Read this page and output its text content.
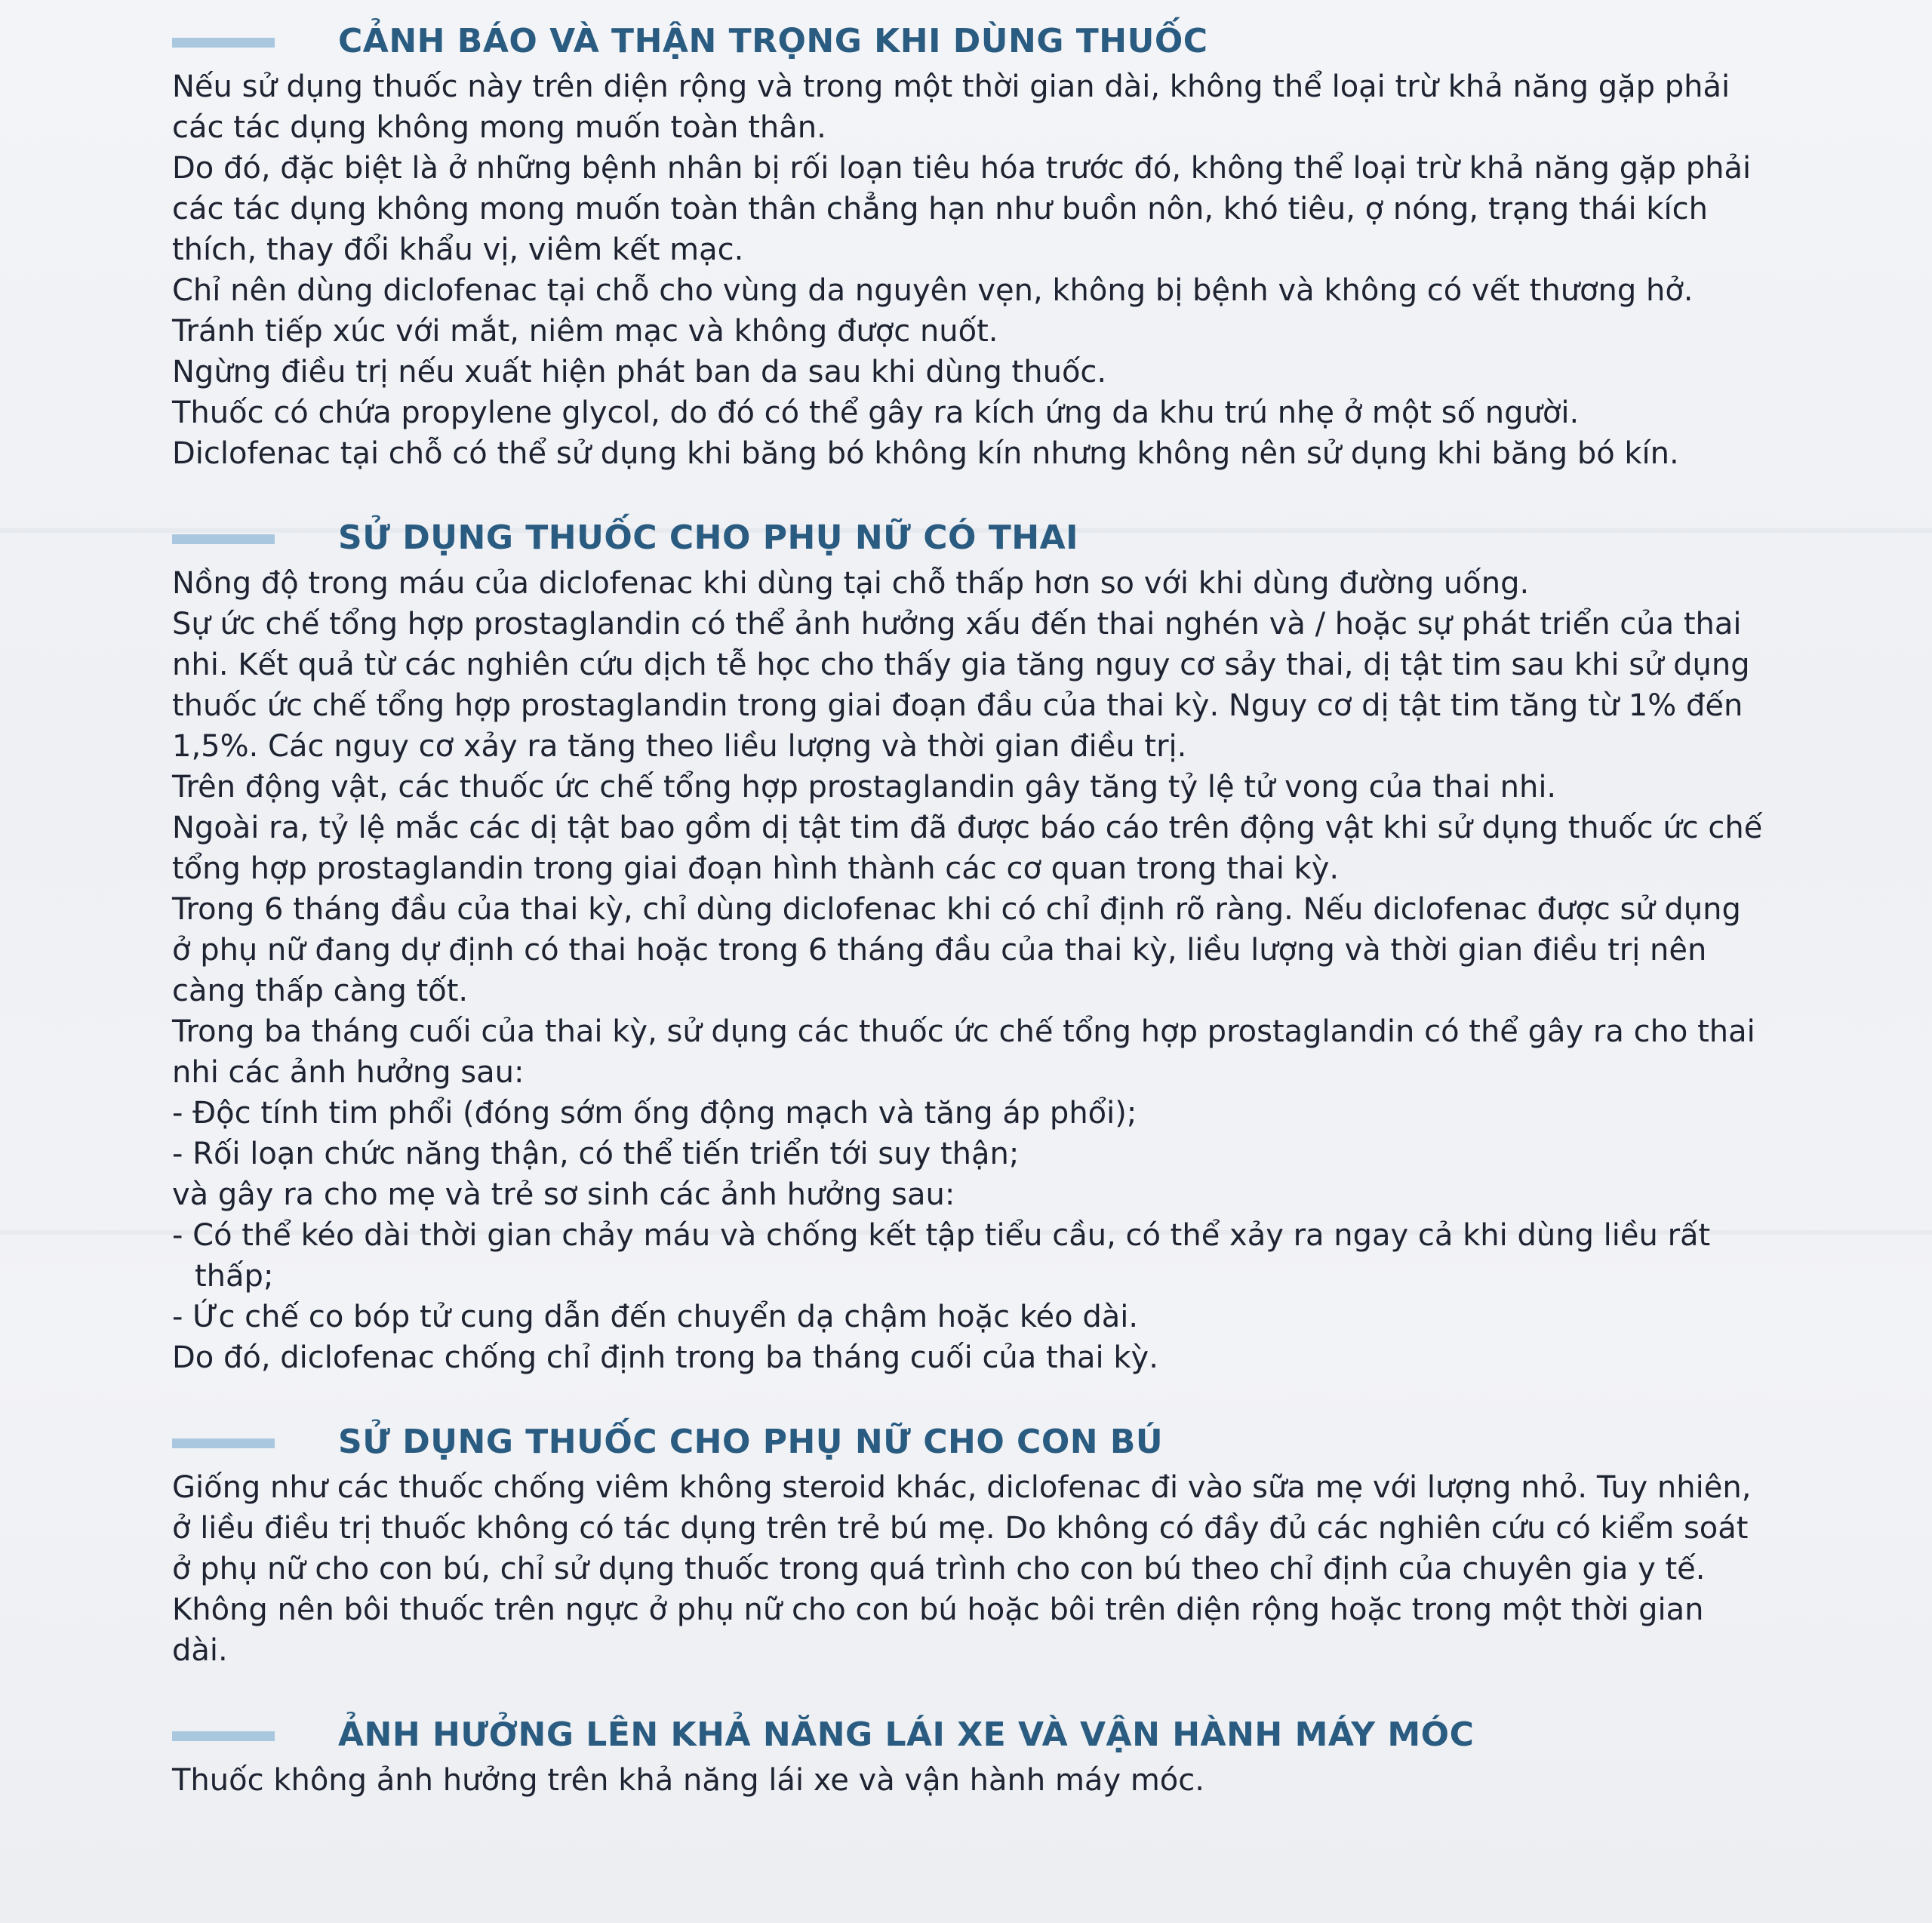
CẢNH BÁO VÀ THẬN TRỌNG KHI DÙNG THUỐC

Nếu sử dụng thuốc này trên diện rộng và trong một thời gian dài, không thể loại trừ khả năng gặp phải các tác dụng không mong muốn toàn thân.

Do đó, đặc biệt là ở những bệnh nhân bị rối loạn tiêu hóa trước đó, không thể loại trừ khả năng gặp phải các tác dụng không mong muốn toàn thân chẳng hạn như buồn nôn, khó tiêu, ợ nóng, trạng thái kích thích, thay đổi khẩu vị, viêm kết mạc.

Chỉ nên dùng diclofenac tại chỗ cho vùng da nguyên vẹn, không bị bệnh và không có vết thương hở. Tránh tiếp xúc với mắt, niêm mạc và không được nuốt.

Ngừng điều trị nếu xuất hiện phát ban da sau khi dùng thuốc.

Thuốc có chứa propylene glycol, do đó có thể gây ra kích ứng da khu trú nhẹ ở một số người.

Diclofenac tại chỗ có thể sử dụng khi băng bó không kín nhưng không nên sử dụng khi băng bó kín.

SỬ DỤNG THUỐC CHO PHỤ NỮ CÓ THAI

Nồng độ trong máu của diclofenac khi dùng tại chỗ thấp hơn so với khi dùng đường uống.

Sự ức chế tổng hợp prostaglandin có thể ảnh hưởng xấu đến thai nghén và / hoặc sự phát triển của thai nhi. Kết quả từ các nghiên cứu dịch tễ học cho thấy gia tăng nguy cơ sảy thai, dị tật tim sau khi sử dụng thuốc ức chế tổng hợp prostaglandin trong giai đoạn đầu của thai kỳ. Nguy cơ dị tật tim tăng từ 1% đến 1,5%. Các nguy cơ xảy ra tăng theo liều lượng và thời gian điều trị.

Trên động vật, các thuốc ức chế tổng hợp prostaglandin gây tăng tỷ lệ tử vong của thai nhi.

Ngoài ra, tỷ lệ mắc các dị tật bao gồm dị tật tim đã được báo cáo trên động vật khi sử dụng thuốc ức chế tổng hợp prostaglandin trong giai đoạn hình thành các cơ quan trong thai kỳ.

Trong 6 tháng đầu của thai kỳ, chỉ dùng diclofenac khi có chỉ định rõ ràng. Nếu diclofenac được sử dụng ở phụ nữ đang dự định có thai hoặc trong 6 tháng đầu của thai kỳ, liều lượng và thời gian điều trị nên càng thấp càng tốt.

Trong ba tháng cuối của thai kỳ, sử dụng các thuốc ức chế tổng hợp prostaglandin có thể gây ra cho thai nhi các ảnh hưởng sau:

- Độc tính tim phổi (đóng sớm ống động mạch và tăng áp phổi);

- Rối loạn chức năng thận, có thể tiến triển tới suy thận;

và gây ra cho mẹ và trẻ sơ sinh các ảnh hưởng sau:

- Có thể kéo dài thời gian chảy máu và chống kết tập tiểu cầu, có thể xảy ra ngay cả khi dùng liều rất thấp;

- Ức chế co bóp tử cung dẫn đến chuyển dạ chậm hoặc kéo dài.

Do đó, diclofenac chống chỉ định trong ba tháng cuối của thai kỳ.

SỬ DỤNG THUỐC CHO PHỤ NỮ CHO CON BÚ

Giống như các thuốc chống viêm không steroid khác, diclofenac đi vào sữa mẹ với lượng nhỏ. Tuy nhiên, ở liều điều trị thuốc không có tác dụng trên trẻ bú mẹ. Do không có đầy đủ các nghiên cứu có kiểm soát ở phụ nữ cho con bú, chỉ sử dụng thuốc trong quá trình cho con bú theo chỉ định của chuyên gia y tế. Không nên bôi thuốc trên ngực ở phụ nữ cho con bú hoặc bôi trên diện rộng hoặc trong một thời gian dài.

ẢNH HƯỞNG LÊN KHẢ NĂNG LÁI XE VÀ VẬN HÀNH MÁY MÓC

Thuốc không ảnh hưởng trên khả năng lái xe và vận hành máy móc.
